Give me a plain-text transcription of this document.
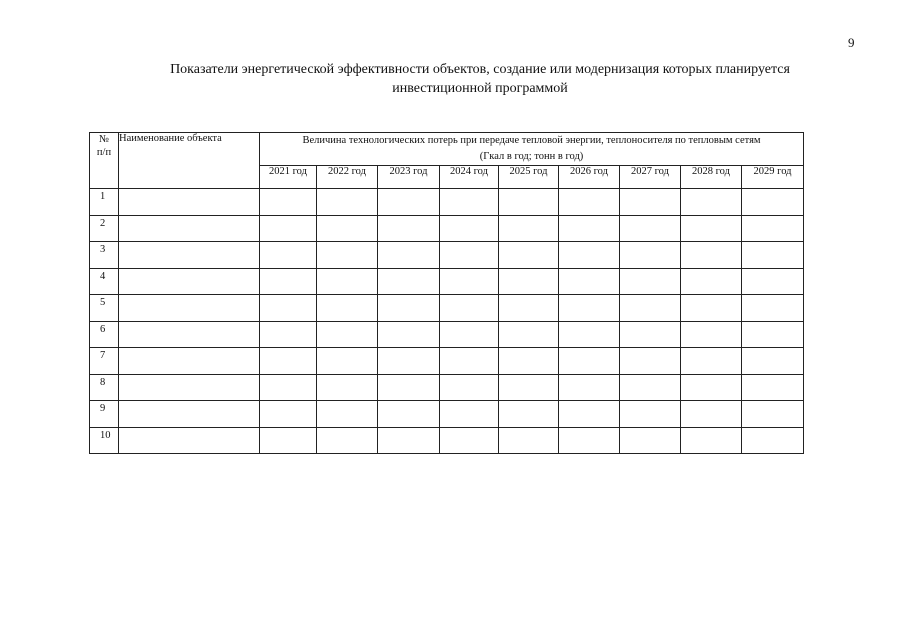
9
Показатели энергетической эффективности объектов, создание или модернизация которых планируется
инвестиционной программой
№
п/п	Наименование объекта	Величина технологических потерь при передаче тепловой энергии, теплоносителя по тепловым сетям
(Гкал в год; тонн в год)								

		2021 год	2022 год	2023 год	2024 год	2025 год	2026 год	2027 год	2028 год	2029 год
1										
2										
3										
4										
5										
6										
7										
8										
9										
10										
